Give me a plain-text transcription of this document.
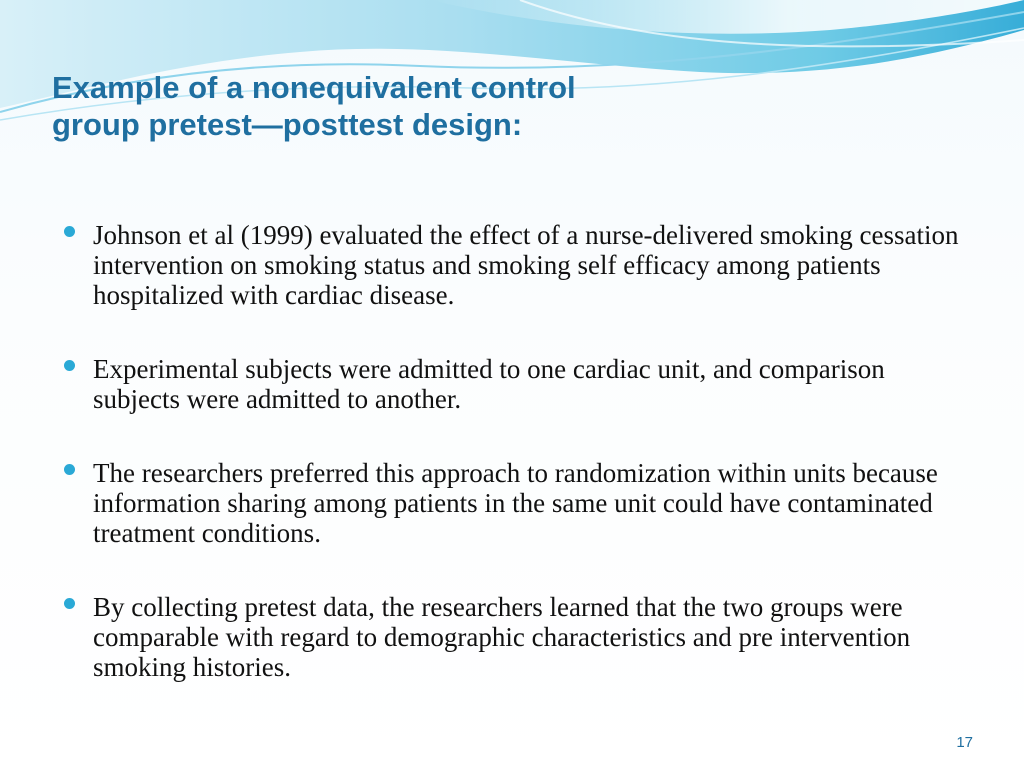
Example of a nonequivalent control
group pretest—posttest design:
Johnson et al (1999) evaluated the effect of a nurse-delivered smoking cessation intervention on smoking status and smoking self efficacy among patients hospitalized with cardiac disease.
Experimental subjects were admitted to one cardiac unit, and comparison subjects were admitted to another.
The researchers preferred this approach to randomization within units because information sharing among patients in the same unit could have contaminated treatment conditions.
By collecting pretest data, the researchers learned that the two groups were comparable with regard to demographic characteristics and pre intervention smoking histories.
17
